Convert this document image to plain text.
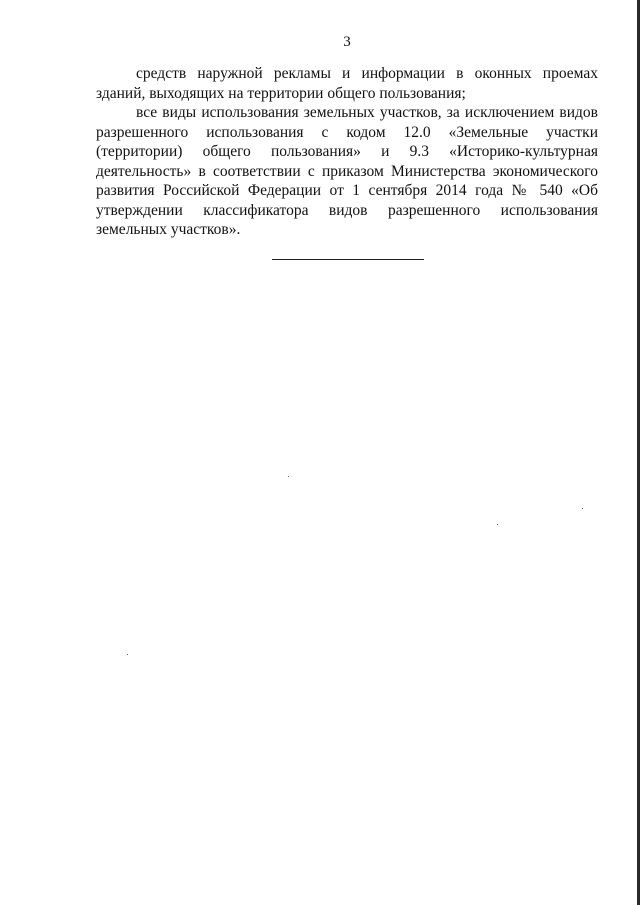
3

средств наружной рекламы и информации в оконных проемах зданий, выходящих на территории общего пользования;

все виды использования земельных участков, за исключением видов разрешенного использования с кодом 12.0 «Земельные участки (территории) общего пользования» и 9.3 «Историко-культурная деятельность» в соответствии с приказом Министерства экономического развития Российской Федерации от 1 сентября 2014 года № 540 «Об утверждении классификатора видов разрешенного использования земельных участков».
